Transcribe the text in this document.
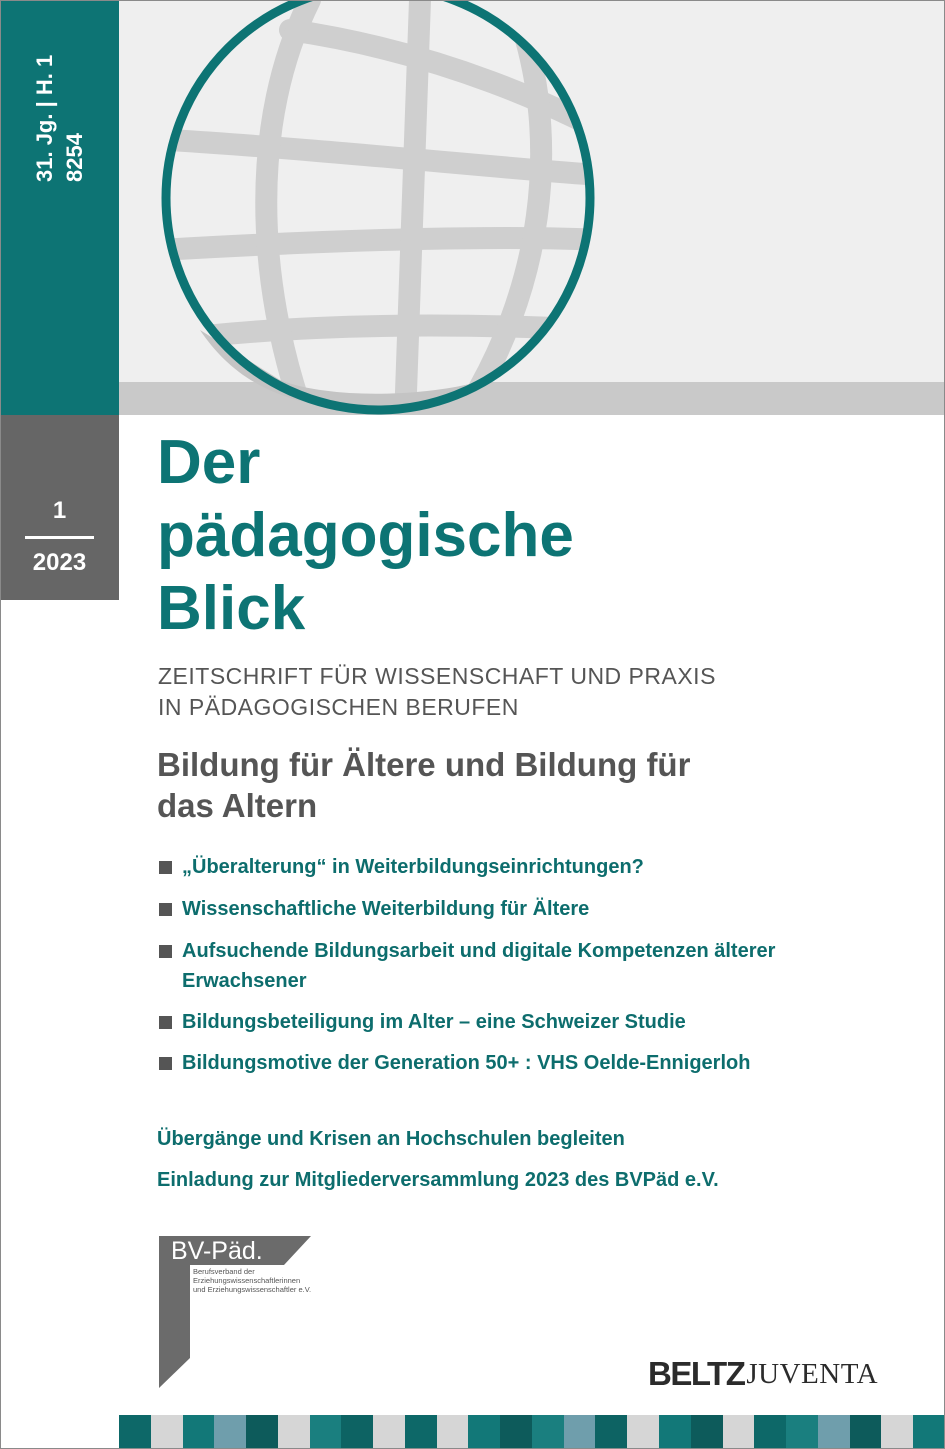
31. Jg. | H. 1 8254
1
2023
Der
pädagogische
Blick
ZEITSCHRIFT FÜR WISSENSCHAFT UND PRAXIS
IN PÄDAGOGISCHEN BERUFEN
Bildung für Ältere und Bildung für
das Altern
„Überalterung“ in Weiterbildungseinrichtungen?
Wissenschaftliche Weiterbildung für Ältere
Aufsuchende Bildungsarbeit und digitale Kompetenzen älterer
Erwachsener
Bildungsbeteiligung im Alter – eine Schweizer Studie
Bildungsmotive der Generation 50+ : VHS Oelde-Ennigerloh
Übergänge und Krisen an Hochschulen begleiten
Einladung zur Mitgliederversammlung 2023 des BVPäd e.V.
BV-Päd.
Berufsverband der
Erziehungswissenschaftlerinnen
und Erziehungswissenschaftler e.V.
BELTZJUVENTA
